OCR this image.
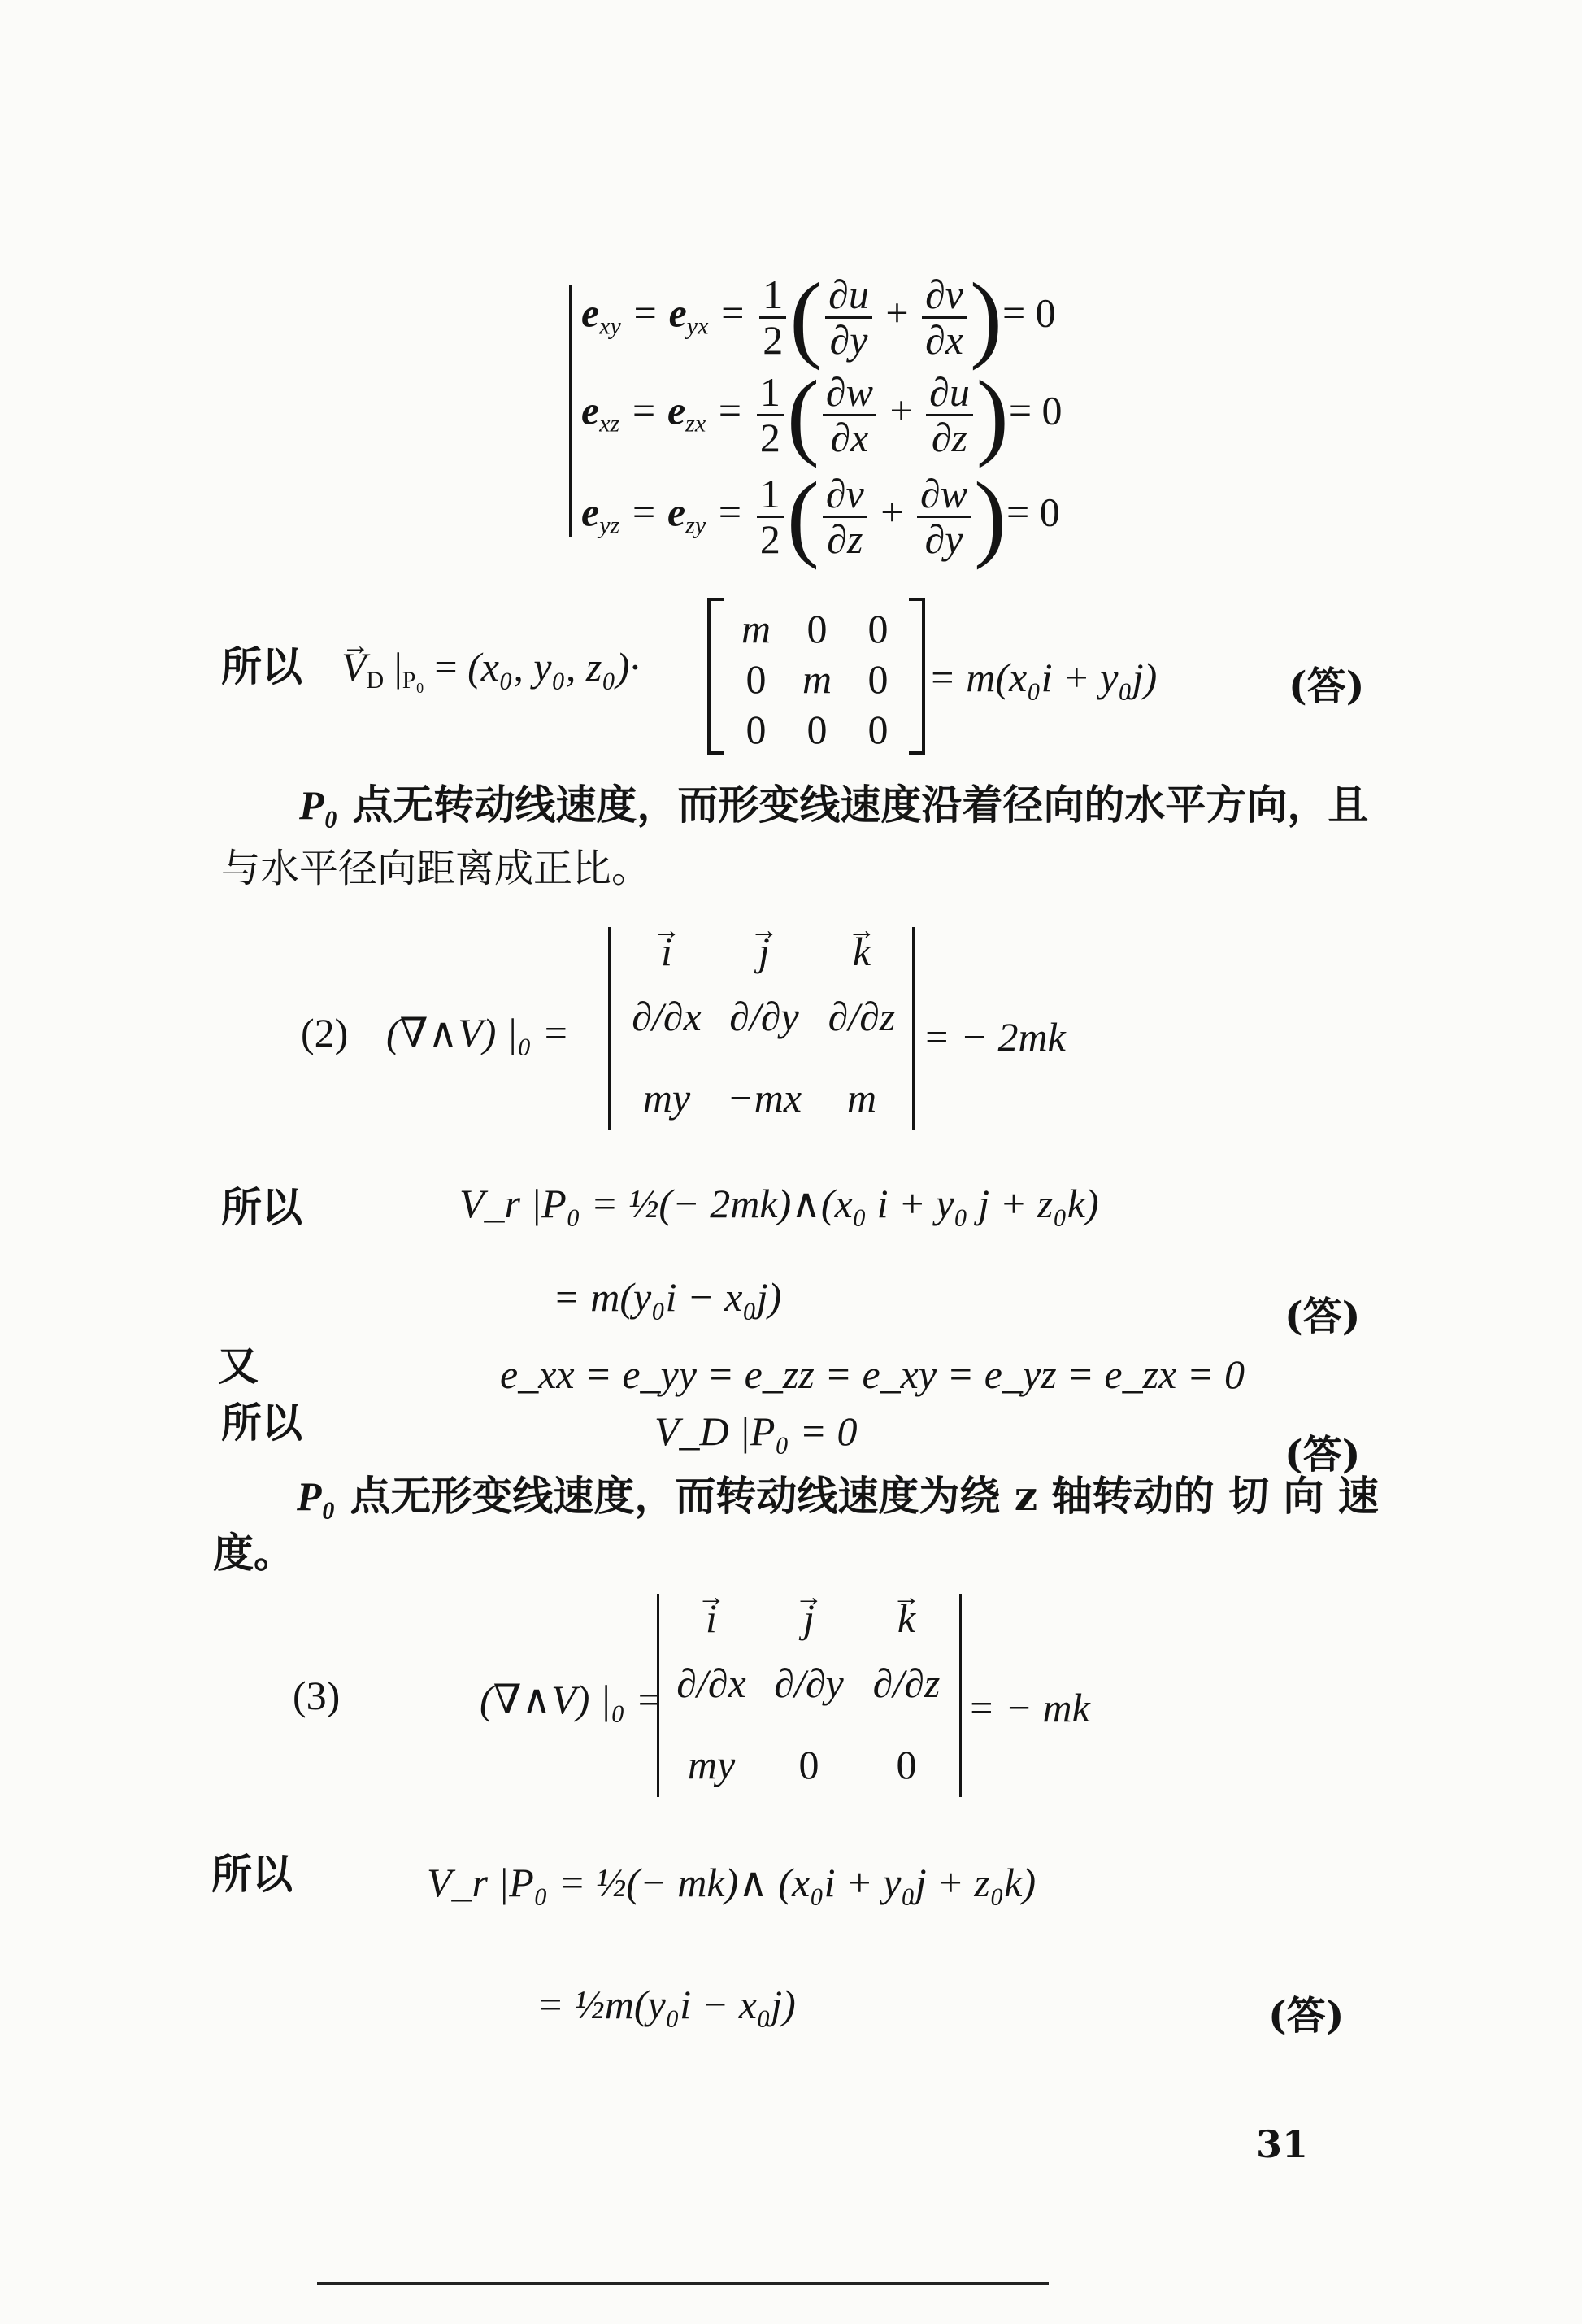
$e_{xy} = e_{yx} = \frac{1}{2}$ ( $\frac{\partial u}{\partial y} + \frac{\partial v}{\partial x}$ )= 0
$e_{xz} = e_{zx} = \frac{1}{2}$ ( $\frac{\partial w}{\partial x} + \frac{\partial u}{\partial z}$ )= 0
$e_{yz} = e_{zy} = \frac{1}{2}$ ( $\frac{\partial v}{\partial z} + \frac{\partial w}{\partial y}$ )= 0
所以 → $V_D$ $|_{P_0} = (x_0$, y₀, z₀)·
m 0	0
0 m 0
0	0	0
= m(x₀i + y₀j)	(答)
P₀ 点无转动线速度，而形变线速度沿着径向的水平方向，且
与水平径向距离成正比。
(2) (∇∧V) |₀ =
→ i	→ j	→ k
∂/∂x ∂/∂y ∂/∂z
my −mx	m
= − 2mk
所以	V_r |P₀ = ½(− 2mk)∧(x₀ i + y₀ j + z₀k)
= m(y₀i − x₀j)	(答)
又	e_xx = e_yy = e_zz = e_xy = e_yz = e_zx = 0
所以	V_D |P₀ = 0
(答)
P₀ 点无形变线速度，而转动线速度为绕 z 轴转动的 切 向 速
度。
(3)	(∇∧V) |₀ =
→ i	→ j	→ k
∂/∂x ∂/∂y ∂/∂z
my	0	0
= − mk
所以	V_r |P₀ = ½(− mk)∧ (x₀i + y₀j + z₀k)
= ½m(y₀i − x₀j)	(答)
31
